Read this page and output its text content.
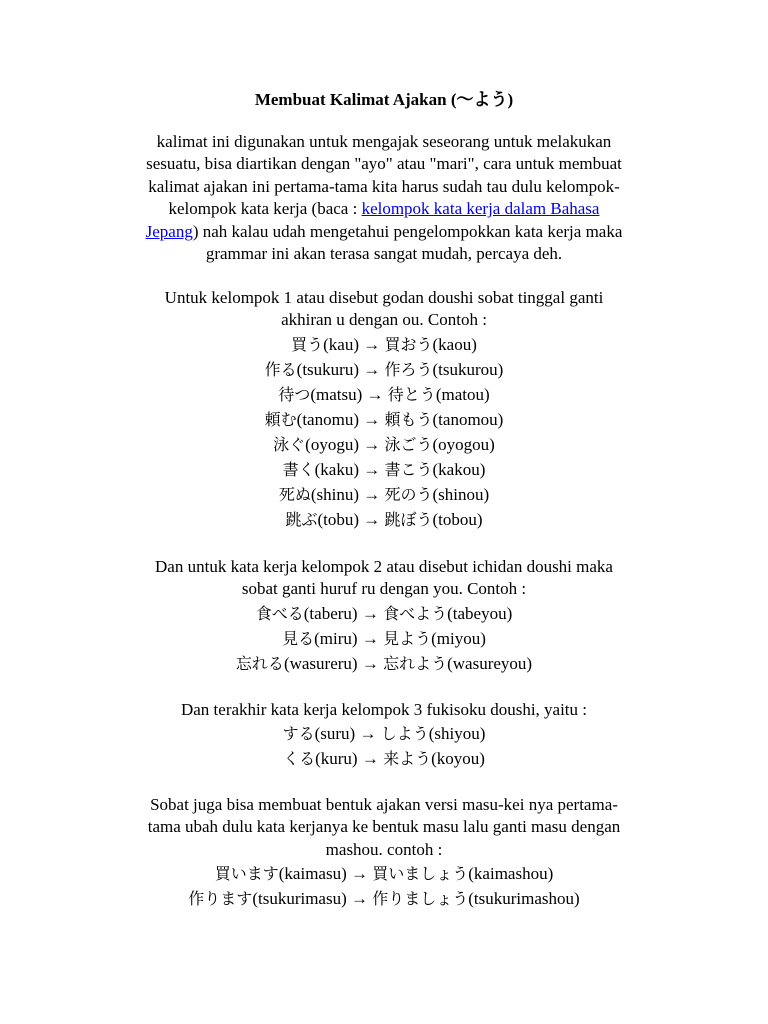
Membuat Kalimat Ajakan (～よう)
kalimat ini digunakan untuk mengajak seseorang untuk melakukan
sesuatu, bisa diartikan dengan "ayo" atau "mari", cara untuk membuat
kalimat ajakan ini pertama-tama kita harus sudah tau dulu kelompok-
kelompok kata kerja (baca : kelompok kata kerja dalam Bahasa
Jepang) nah kalau udah mengetahui pengelompokkan kata kerja maka
grammar ini akan terasa sangat mudah, percaya deh.
Untuk kelompok 1 atau disebut godan doushi sobat tinggal ganti
akhiran u dengan ou. Contoh :
買う(kau) → 買おう(kaou)
作る(tsukuru) → 作ろう(tsukurou)
待つ(matsu) → 待とう(matou)
頼む(tanomu) → 頼もう(tanomou)
泳ぐ(oyogu) → 泳ごう(oyogou)
書く(kaku) → 書こう(kakou)
死ぬ(shinu) → 死のう(shinou)
跳ぶ(tobu) → 跳ぼう(tobou)
Dan untuk kata kerja kelompok 2 atau disebut ichidan doushi maka
sobat ganti huruf ru dengan you. Contoh :
食べる(taberu) → 食べよう(tabeyou)
見る(miru) → 見よう(miyou)
忘れる(wasureru) → 忘れよう(wasureyou)
Dan terakhir kata kerja kelompok 3 fukisoku doushi, yaitu :
する(suru) → しよう(shiyou)
くる(kuru) → 来よう(koyou)
Sobat juga bisa membuat bentuk ajakan versi masu-kei nya pertama-
tama ubah dulu kata kerjanya ke bentuk masu lalu ganti masu dengan
mashou. contoh :
買います(kaimasu) → 買いましょう(kaimashou)
作ります(tsukurimasu) → 作りましょう(tsukurimashou)
